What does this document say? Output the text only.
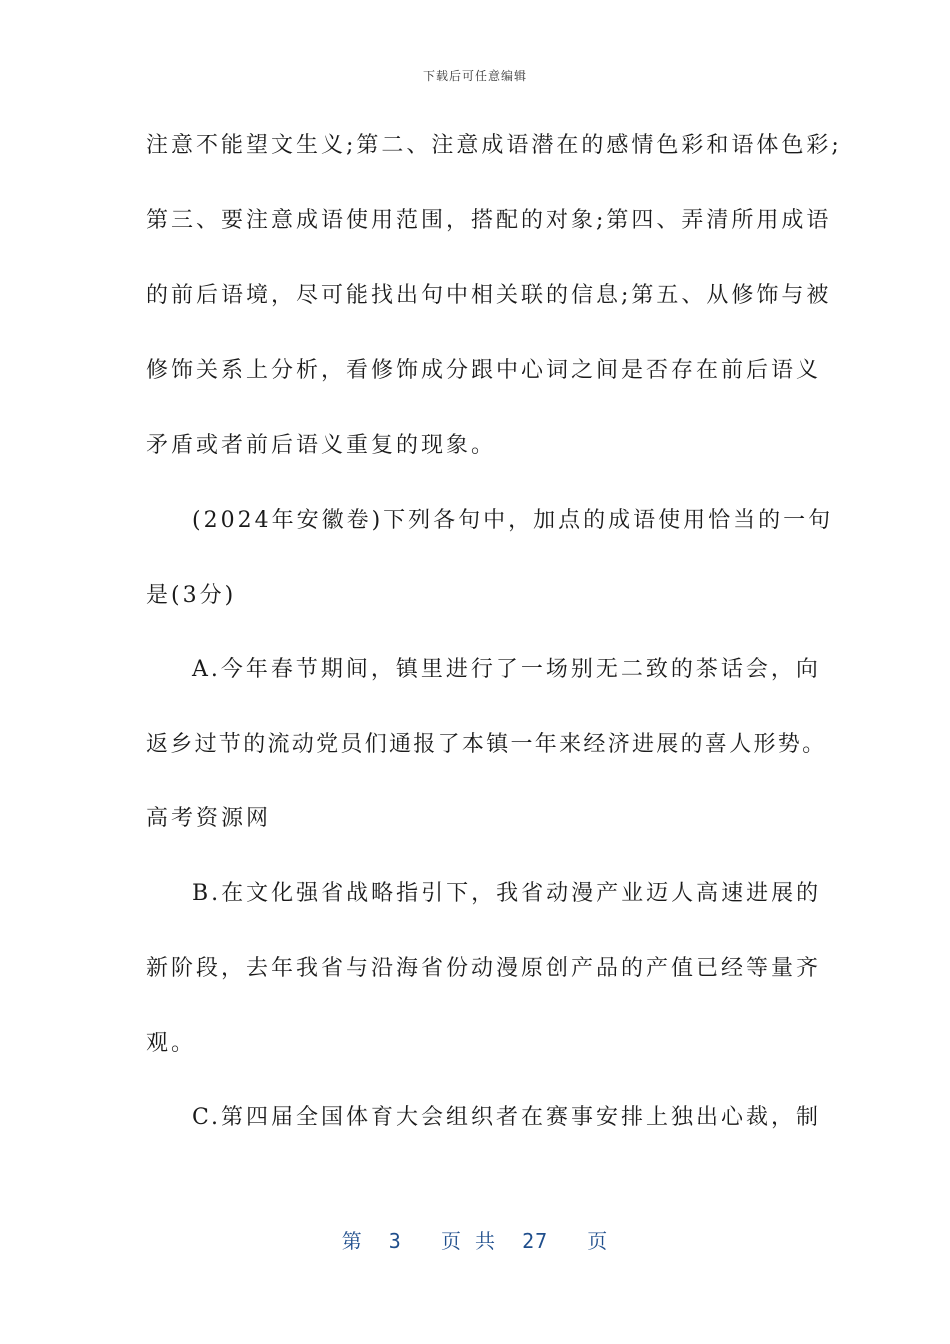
下载后可任意编辑
注意不能望文生义;第二、注意成语潜在的感情色彩和语体色彩;
第三、要注意成语使用范围，搭配的对象;第四、弄清所用成语
的前后语境，尽可能找出句中相关联的信息;第五、从修饰与被
修饰关系上分析，看修饰成分跟中心词之间是否存在前后语义
矛盾或者前后语义重复的现象。
(2024年安徽卷)下列各句中，加点的成语使用恰当的一句
是(3分)
A.今年春节期间，镇里进行了一场别无二致的茶话会，向
返乡过节的流动党员们通报了本镇一年来经济进展的喜人形势。
高考资源网
B.在文化强省战略指引下，我省动漫产业迈人高速进展的
新阶段，去年我省与沿海省份动漫原创产品的产值已经等量齐
观。
C.第四届全国体育大会组织者在赛事安排上独出心裁，制
第  3   页 共  27   页
